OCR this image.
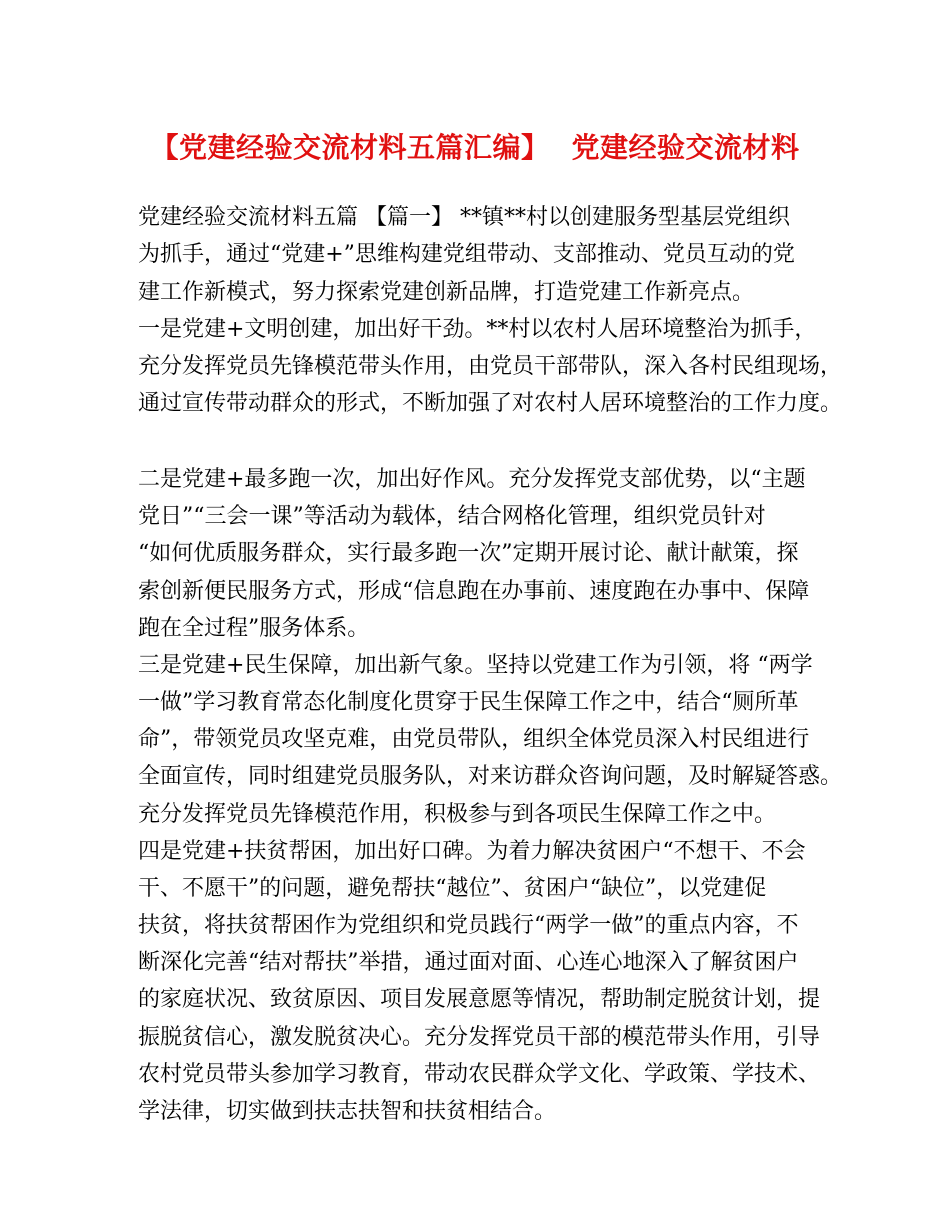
【党建经验交流材料五篇汇编】 党建经验交流材料
党建经验交流材料五篇 【篇一】 **镇**村以创建服务型基层党组织
为抓手，通过“党建+”思维构建党组带动、支部推动、党员互动的党
建工作新模式，努力探索党建创新品牌，打造党建工作新亮点。
一是党建+文明创建，加出好干劲。**村以农村人居环境整治为抓手，
充分发挥党员先锋模范带头作用，由党员干部带队，深入各村民组现场，
通过宣传带动群众的形式，不断加强了对农村人居环境整治的工作力度。
二是党建+最多跑一次，加出好作风。充分发挥党支部优势，以“主题
党日”“三会一课”等活动为载体，结合网格化管理，组织党员针对
“如何优质服务群众，实行最多跑一次”定期开展讨论、献计献策，探
索创新便民服务方式，形成“信息跑在办事前、速度跑在办事中、保障
跑在全过程”服务体系。
三是党建+民生保障，加出新气象。坚持以党建工作为引领，将 “两学
一做”学习教育常态化制度化贯穿于民生保障工作之中，结合“厕所革
命”，带领党员攻坚克难，由党员带队，组织全体党员深入村民组进行
全面宣传，同时组建党员服务队，对来访群众咨询问题，及时解疑答惑。
充分发挥党员先锋模范作用，积极参与到各项民生保障工作之中。
四是党建+扶贫帮困，加出好口碑。为着力解决贫困户“不想干、不会
干、不愿干”的问题，避免帮扶“越位”、贫困户“缺位”，以党建促
扶贫，将扶贫帮困作为党组织和党员践行“两学一做”的重点内容，不
断深化完善“结对帮扶”举措，通过面对面、心连心地深入了解贫困户
的家庭状况、致贫原因、项目发展意愿等情况，帮助制定脱贫计划，提
振脱贫信心，激发脱贫决心。充分发挥党员干部的模范带头作用，引导
农村党员带头参加学习教育，带动农民群众学文化、学政策、学技术、
学法律，切实做到扶志扶智和扶贫相结合。
